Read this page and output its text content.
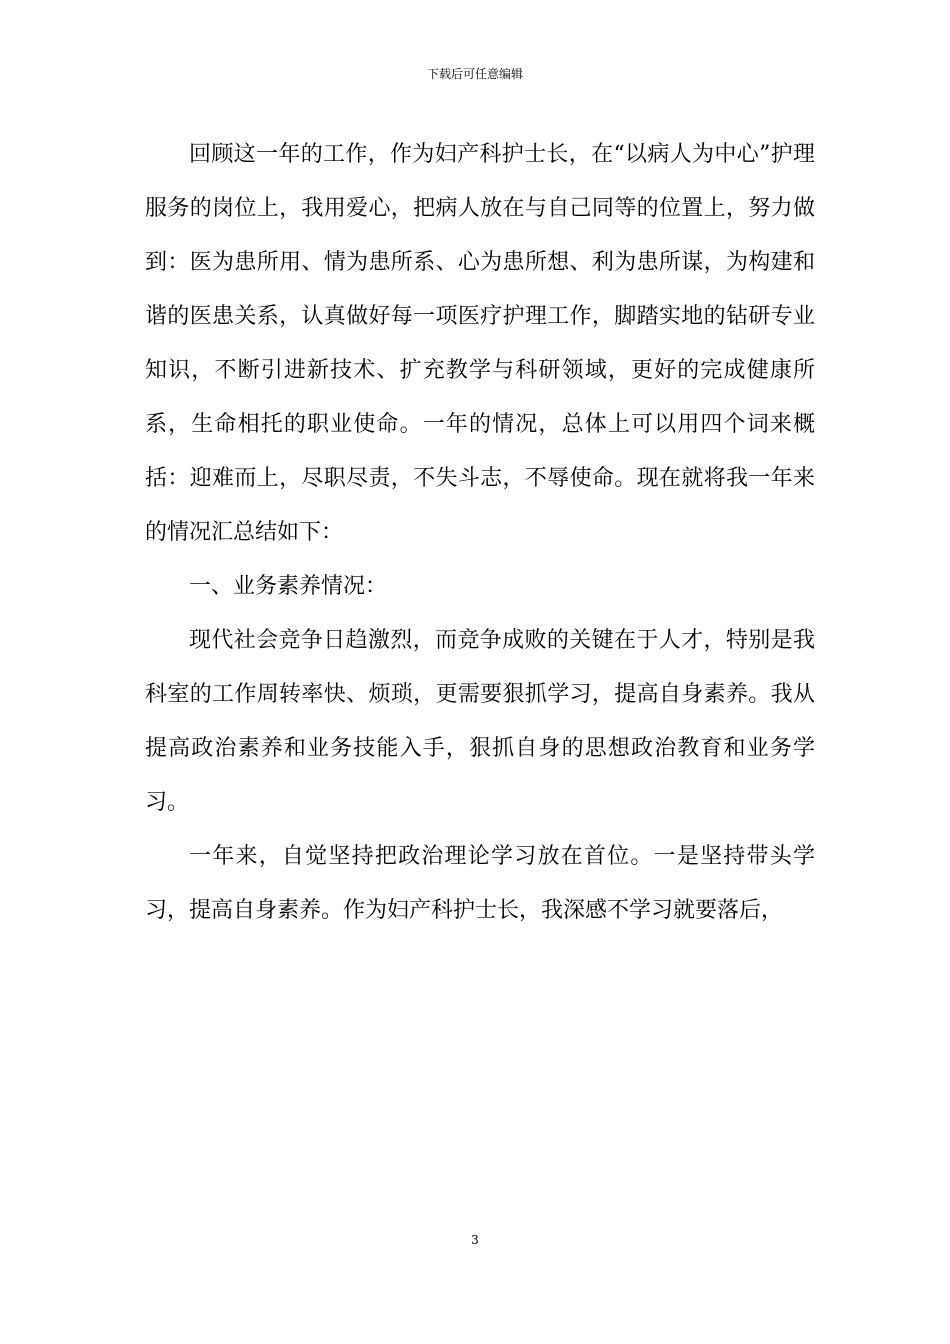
下载后可任意编辑

回顾这一年的工作，作为妇产科护士长，在“以病人为中心”护理服务的岗位上，我用爱心，把病人放在与自己同等的位置上，努力做到：医为患所用、情为患所系、心为患所想、利为患所谋，为构建和谐的医患关系，认真做好每一项医疗护理工作，脚踏实地的钻研专业知识，不断引进新技术、扩充教学与科研领域，更好的完成健康所系，生命相托的职业使命。一年的情况，总体上可以用四个词来概括：迎难而上，尽职尽责，不失斗志，不辱使命。现在就将我一年来的情况汇总结如下：

一、业务素养情况：

现代社会竞争日趋激烈，而竞争成败的关键在于人才，特别是我科室的工作周转率快、烦琐，更需要狠抓学习，提高自身素养。我从提高政治素养和业务技能入手，狠抓自身的思想政治教育和业务学习。

一年来，自觉坚持把政治理论学习放在首位。一是坚持带头学习，提高自身素养。作为妇产科护士长，我深感不学习就要落后，

3
